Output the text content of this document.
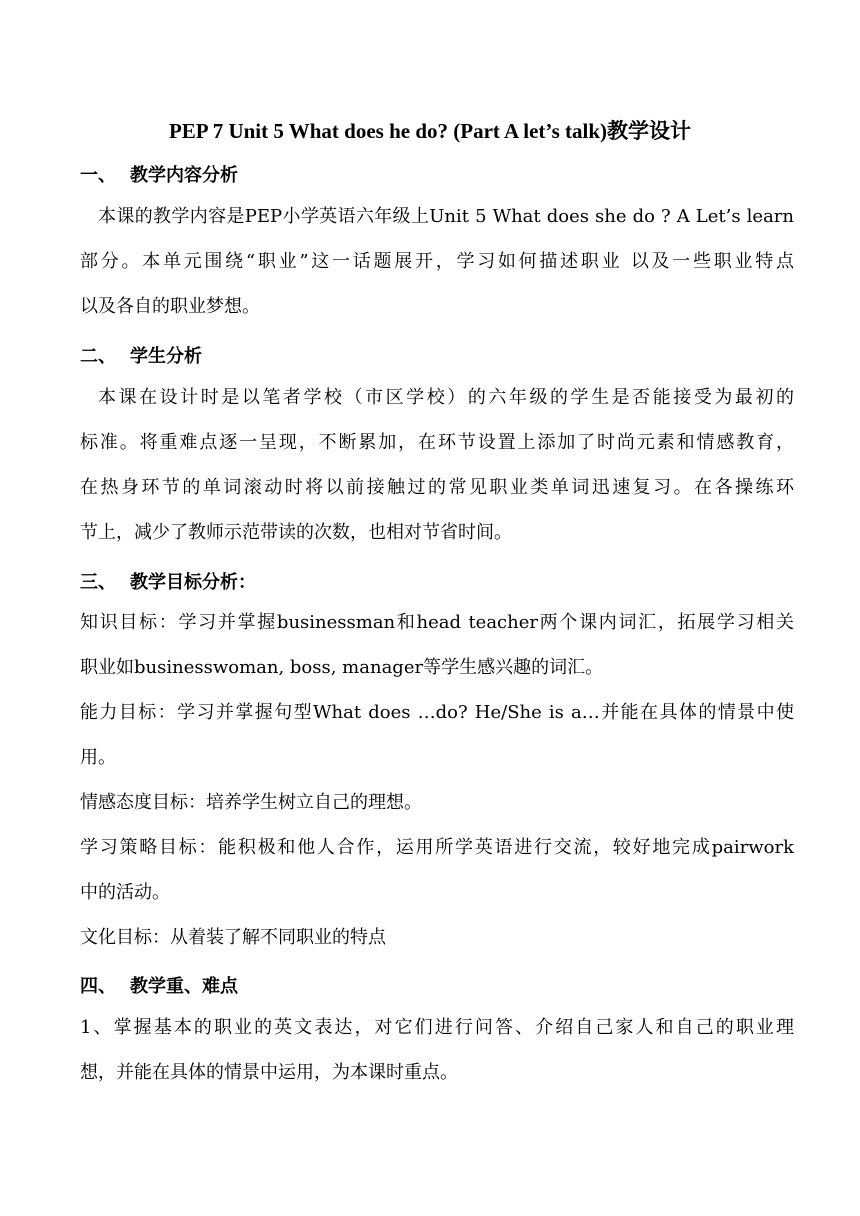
PEP 7 Unit 5 What does he do? (Part A let’s talk)教学设计
一、 教学内容分析
本课的教学内容是PEP小学英语六年级上Unit 5 What does she do ? A Let’s learn
部分。本单元围绕“职业”这一话题展开，学习如何描述职业 以及一些职业特点
以及各自的职业梦想。
二、 学生分析
本课在设计时是以笔者学校（市区学校）的六年级的学生是否能接受为最初的
标准。将重难点逐一呈现，不断累加，在环节设置上添加了时尚元素和情感教育，
在热身环节的单词滚动时将以前接触过的常见职业类单词迅速复习。在各操练环
节上，减少了教师示范带读的次数，也相对节省时间。
三、 教学目标分析：
知识目标：学习并掌握businessman和head teacher两个课内词汇，拓展学习相关
职业如businesswoman, boss, manager等学生感兴趣的词汇。
能力目标：学习并掌握句型What does …do? He/She is a…并能在具体的情景中使
用。
情感态度目标：培养学生树立自己的理想。
学习策略目标：能积极和他人合作，运用所学英语进行交流，较好地完成pairwork
中的活动。
文化目标：从着装了解不同职业的特点
四、 教学重、难点
1、掌握基本的职业的英文表达，对它们进行问答、介绍自己家人和自己的职业理
想，并能在具体的情景中运用，为本课时重点。
